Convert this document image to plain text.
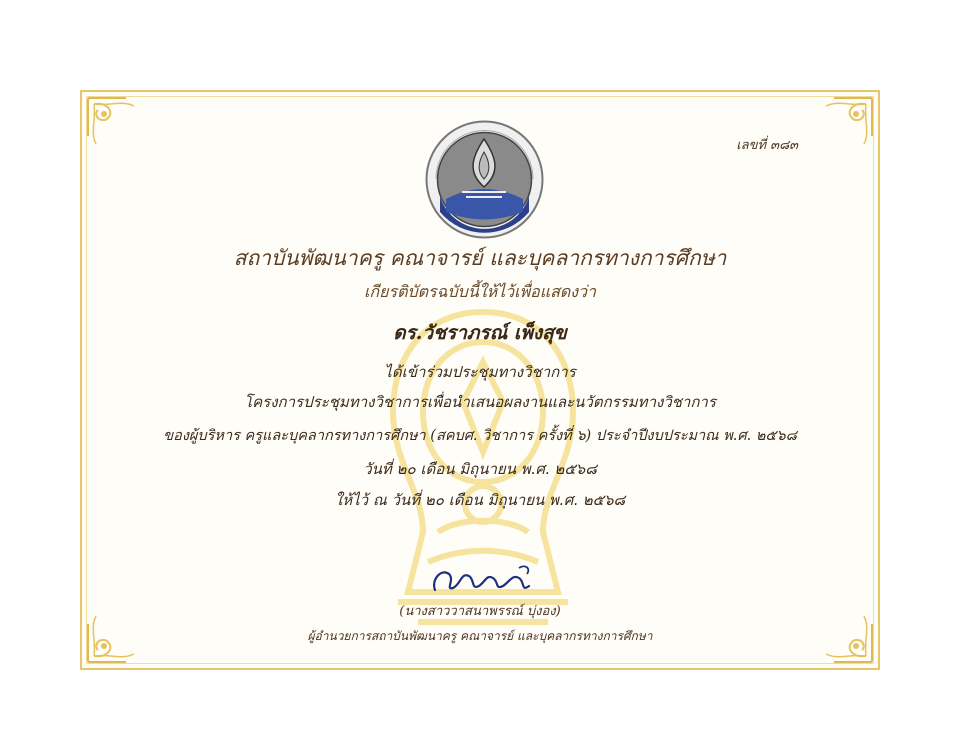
เลขที่ ๓๘๓
สถาบันพัฒนาครู คณาจารย์ และบุคลากรทางการศึกษา
เกียรติบัตรฉบับนี้ให้ไว้เพื่อแสดงว่า
ดร.วัชราภรณ์ เพ็งสุข
ได้เข้าร่วมประชุมทางวิชาการ
โครงการประชุมทางวิชาการเพื่อนำเสนอผลงานและนวัตกรรมทางวิชาการ
ของผู้บริหาร ครูและบุคลากรทางการศึกษา (สคบศ. วิชาการ ครั้งที่ ๖) ประจำปีงบประมาณ พ.ศ. ๒๕๖๘
วันที่ ๒๐ เดือน มิถุนายน พ.ศ. ๒๕๖๘
ให้ไว้ ณ วันที่ ๒๐ เดือน มิถุนายน พ.ศ. ๒๕๖๘
(นางสาววาสนาพรรณ์ บุ่งอง)
ผู้อำนวยการสถาบันพัฒนาครู คณาจารย์ และบุคลากรทางการศึกษา
